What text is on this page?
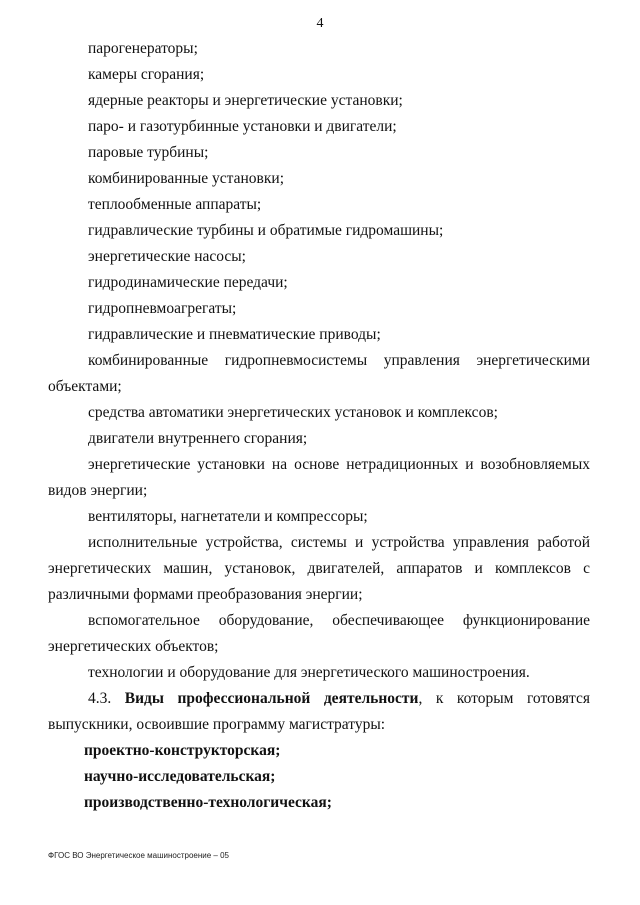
4

парогенераторы;

камеры сгорания;

ядерные реакторы и энергетические установки;

паро- и газотурбинные установки и двигатели;

паровые турбины;

комбинированные установки;

теплообменные аппараты;

гидравлические турбины и обратимые гидромашины;

энергетические насосы;

гидродинамические передачи;

гидропневмоагрегаты;

гидравлические и пневматические приводы;

комбинированные гидропневмосистемы управления энергетическими объектами;

средства автоматики энергетических установок и комплексов;

двигатели внутреннего сгорания;

энергетические установки на основе нетрадиционных и возобновляемых видов энергии;

вентиляторы, нагнетатели и компрессоры;

исполнительные устройства, системы и устройства управления работой энергетических машин, установок, двигателей, аппаратов и комплексов с различными формами преобразования энергии;

вспомогательное оборудование, обеспечивающее функционирование энергетических объектов;

технологии и оборудование для энергетического машиностроения.

4.3. Виды профессиональной деятельности, к которым готовятся выпускники, освоившие программу магистратуры:

проектно-конструкторская;

научно-исследовательская;

производственно-технологическая;

ФГОС ВО Энергетическое машиностроение – 05
